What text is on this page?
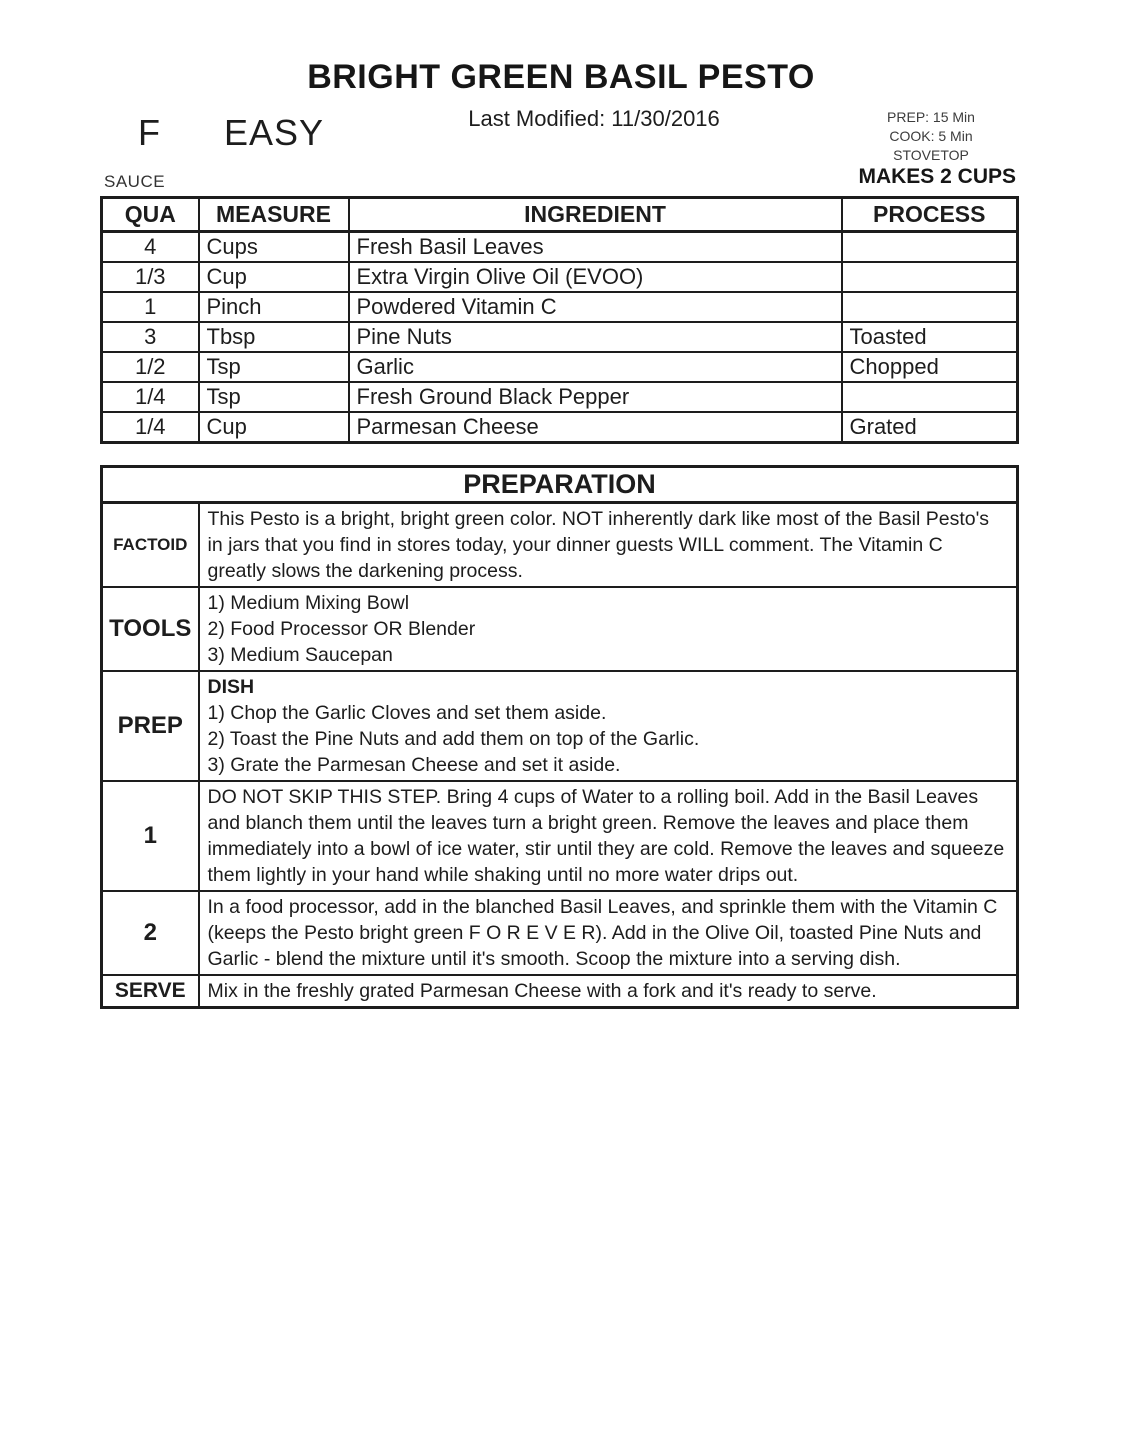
BRIGHT GREEN BASIL PESTO
Last Modified: 11/30/2016
F EASY	PREP: 15 Min
COOK: 5 Min
STOVETOP
SAUCE	MAKES 2 CUPS
QUA	MEASURE	INGREDIENT	PROCESS
4	Cups	Fresh Basil Leaves	
1/3	Cup	Extra Virgin Olive Oil (EVOO)	
1	Pinch	Powdered Vitamin C	
3	Tbsp	Pine Nuts	Toasted
1/2	Tsp	Garlic	Chopped
1/4	Tsp	Fresh Ground Black Pepper	
1/4	Cup	Parmesan Cheese	Grated
PREPARATION	
FACTOID	This Pesto is a bright, bright green color. NOT inherently dark like most of the Basil Pesto's in jars that you find in stores today, your dinner guests WILL comment. The Vitamin C greatly slows the darkening process.
TOOLS	1) Medium Mixing Bowl
2) Food Processor OR Blender
3) Medium Saucepan

PREP	DISH
1) Chop the Garlic Cloves and set them aside.
2) Toast the Pine Nuts and add them on top of the Garlic.
3) Grate the Parmesan Cheese and set it aside.

1	DO NOT SKIP THIS STEP. Bring 4 cups of Water to a rolling boil. Add in the Basil Leaves and blanch them until the leaves turn a bright green. Remove the leaves and place them immediately into a bowl of ice water, stir until they are cold. Remove the leaves and squeeze them lightly in your hand while shaking until no more water drips out.
2	In a food processor, add in the blanched Basil Leaves, and sprinkle them with the Vitamin C (keeps the Pesto bright green F O R E V E R). Add in the Olive Oil, toasted Pine Nuts and Garlic - blend the mixture until it's smooth. Scoop the mixture into a serving dish.
SERVE	Mix in the freshly grated Parmesan Cheese with a fork and it's ready to serve.
